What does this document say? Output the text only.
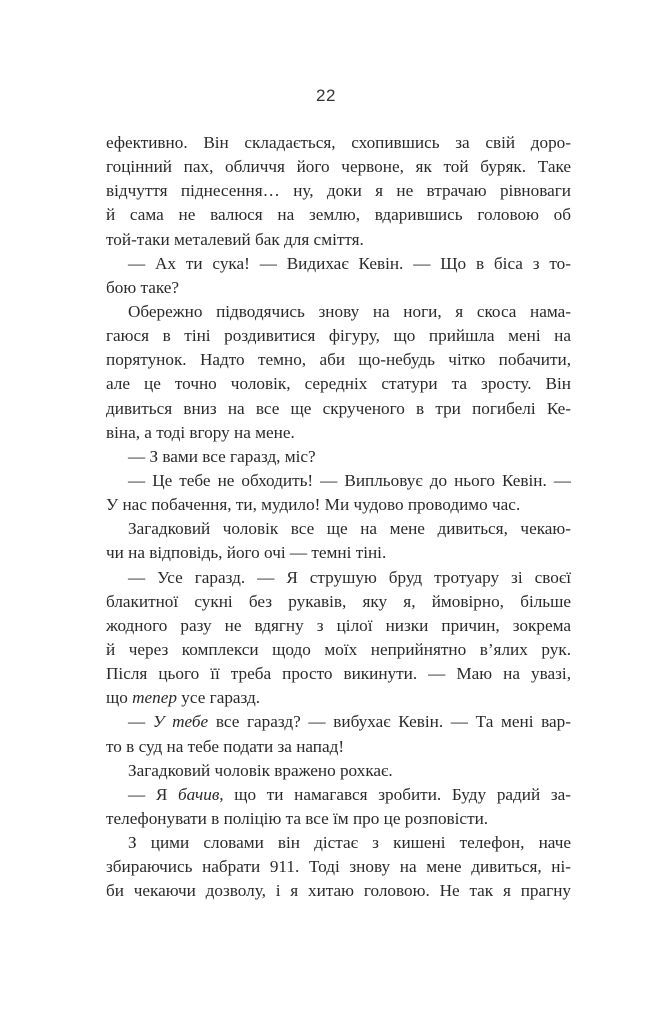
22
ефективно. Він складається, схопившись за свій доро-
гоцінний пах, обличчя його червоне, як той буряк. Таке
відчуття піднесення… ну, доки я не втрачаю рівноваги
й сама не валюся на землю, вдарившись головою об
той-таки металевий бак для сміття.
— Ах ти сука! — Видихає Кевін. — Що в біса з то-
бою таке?
Обережно підводячись знову на ноги, я скоса нама-
гаюся в тіні роздивитися фігуру, що прийшла мені на
порятунок. Надто темно, аби що-небудь чітко побачити,
але це точно чоловік, середніх статури та зросту. Він
дивиться вниз на все ще скрученого в три погибелі Ке-
віна, а тоді вгору на мене.
— З вами все гаразд, міс?
— Це тебе не обходить! — Випльовує до нього Кевін. —
У нас побачення, ти, мудило! Ми чудово проводимо час.
Загадковий чоловік все ще на мене дивиться, чекаю-
чи на відповідь, його очі — темні тіні.
— Усе гаразд. — Я струшую бруд тротуару зі своєї
блакитної сукні без рукавів, яку я, ймовірно, більше
жодного разу не вдягну з цілої низки причин, зокрема
й через комплекси щодо моїх неприйнятно в’ялих рук.
Після цього її треба просто викинути. — Маю на увазі,
що тепер усе гаразд.
— У тебе все гаразд? — вибухає Кевін. — Та мені вар-
то в суд на тебе подати за напад!
Загадковий чоловік вражено рохкає.
— Я бачив, що ти намагався зробити. Буду радий за-
телефонувати в поліцію та все їм про це розповісти.
З цими словами він дістає з кишені телефон, наче
збираючись набрати 911. Тоді знову на мене дивиться, ні-
би чекаючи дозволу, і я хитаю головою. Не так я прагну
